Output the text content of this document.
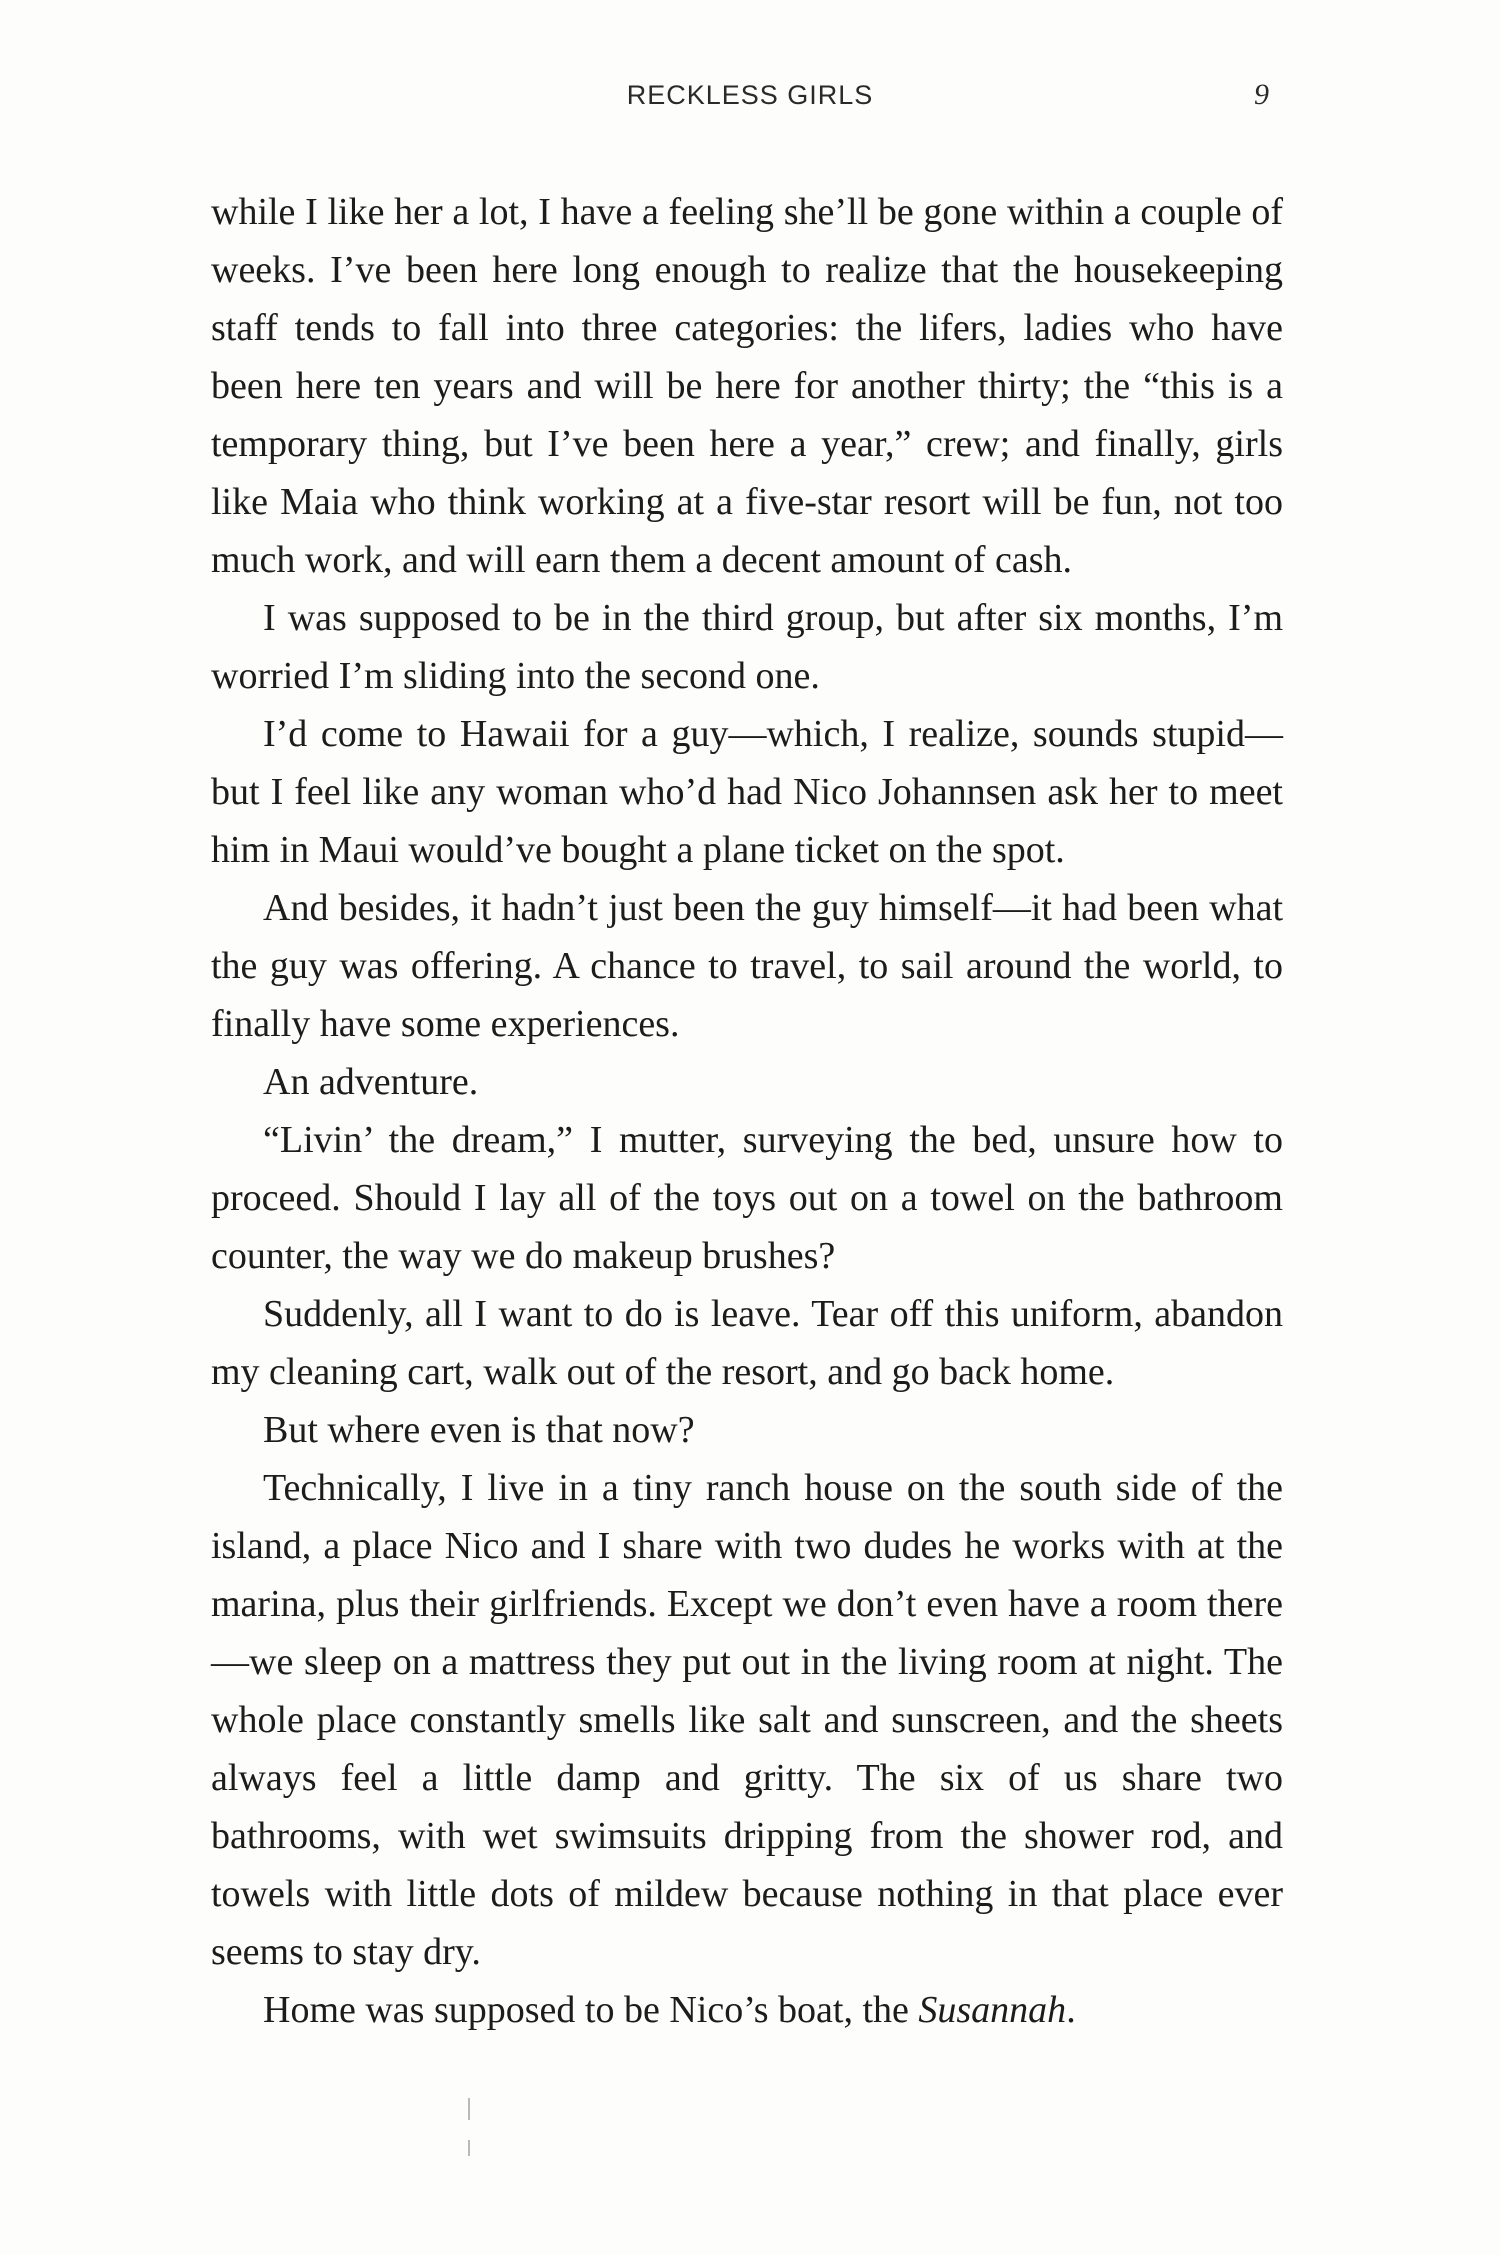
RECKLESS GIRLS	9

while I like her a lot, I have a feeling she’ll be gone within a couple of weeks. I’ve been here long enough to realize that the housekeeping staff tends to fall into three categories: the lifers, ladies who have been here ten years and will be here for another thirty; the “this is a temporary thing, but I’ve been here a year,” crew; and finally, girls like Maia who think working at a five-star resort will be fun, not too much work, and will earn them a decent amount of cash.

I was supposed to be in the third group, but after six months, I’m worried I’m sliding into the second one.

I’d come to Hawaii for a guy—which, I realize, sounds stupid— but I feel like any woman who’d had Nico Johannsen ask her to meet him in Maui would’ve bought a plane ticket on the spot.

And besides, it hadn’t just been the guy himself—it had been what the guy was offering. A chance to travel, to sail around the world, to finally have some experiences.

An adventure.

“Livin’ the dream,” I mutter, surveying the bed, unsure how to proceed. Should I lay all of the toys out on a towel on the bathroom counter, the way we do makeup brushes?

Suddenly, all I want to do is leave. Tear off this uniform, abandon my cleaning cart, walk out of the resort, and go back home.

But where even is that now?

Technically, I live in a tiny ranch house on the south side of the island, a place Nico and I share with two dudes he works with at the marina, plus their girlfriends. Except we don’t even have a room there—we sleep on a mattress they put out in the living room at night. The whole place constantly smells like salt and sunscreen, and the sheets always feel a little damp and gritty. The six of us share two bathrooms, with wet swimsuits dripping from the shower rod, and towels with little dots of mildew because nothing in that place ever seems to stay dry.

Home was supposed to be Nico’s boat, the Susannah.
